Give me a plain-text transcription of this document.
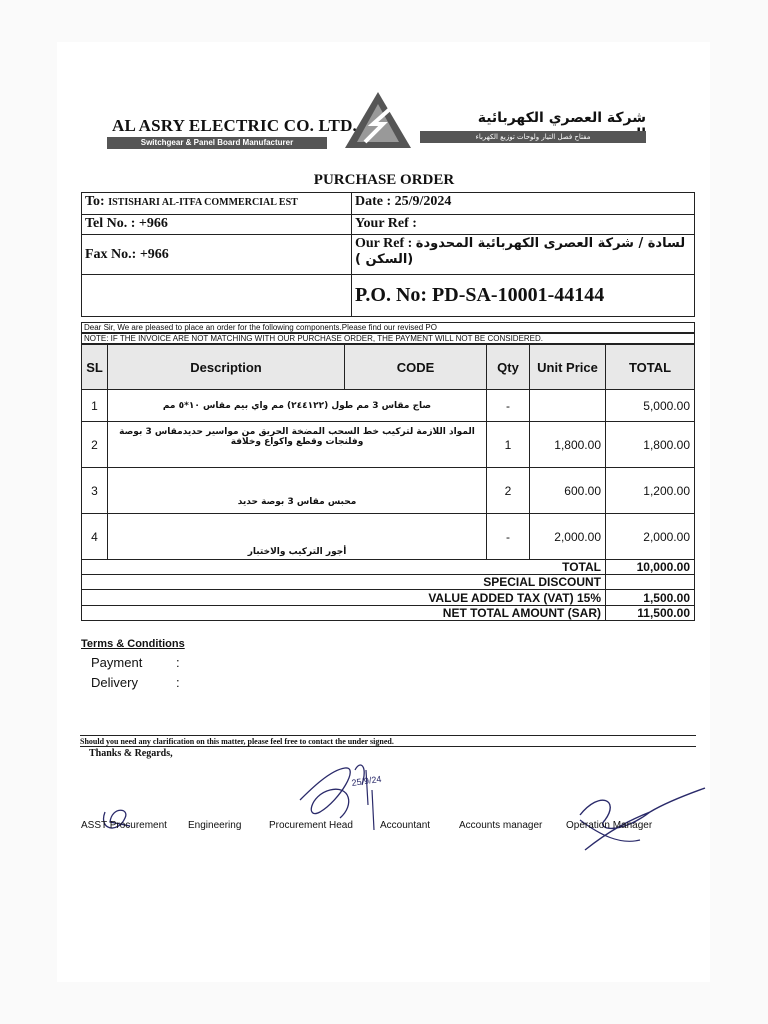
AL ASRY ELECTRIC CO. LTD.
Switchgear & Panel Board Manufacturer
شركة العصري الكهربائية
مفتاح فصل التيار ولوحات توزيع الكهرباء
PURCHASE ORDER
To: ISTISHARI AL-ITFA COMMERCIAL EST	Date : 25/9/2024
Tel No. : +966	Your Ref :
Fax No.: +966	Our Ref : لسادة / شركة العصرى الكهربائية المحدودة (السكن )
	P.O. No: PD-SA-10001-44144
Dear Sir, We are pleased to place an order for the following components.Please find our revised PO
NOTE: IF THE INVOICE ARE NOT MATCHING WITH OUR PURCHASE ORDER, THE PAYMENT WILL NOT BE CONSIDERED.
SL	Description	CODE	Qty	Unit Price	TOTAL
1	صاج مقاس 3 مم طول (٢٤٤١٢٢) مم واي بيم مقاس ١٠*٥ مم		-		5,000.00
2	المواد اللازمة لتركيب خط السحب المضخة الحريق من مواسير حديدمقاس 3 بوصة وفلنجات وقطع واكواع وخلافة		1	1,800.00	1,800.00
3	محبس مقاس 3 بوصة حديد		2	600.00	1,200.00
4	أجور التركيب والاختبار		-	2,000.00	2,000.00
TOTAL					10,000.00
SPECIAL DISCOUNT					
VALUE ADDED TAX (VAT) 15%					1,500.00
NET TOTAL AMOUNT (SAR)					11,500.00
Terms & Conditions
Payment	:
Delivery	:
Should you need any clarification on this matter, please feel free to contact the under signed.
Thanks & Regards,
25/9/24
ASST Procurement Engineering	Procurement Head	Accountant	Accounts manager Operation Manager
